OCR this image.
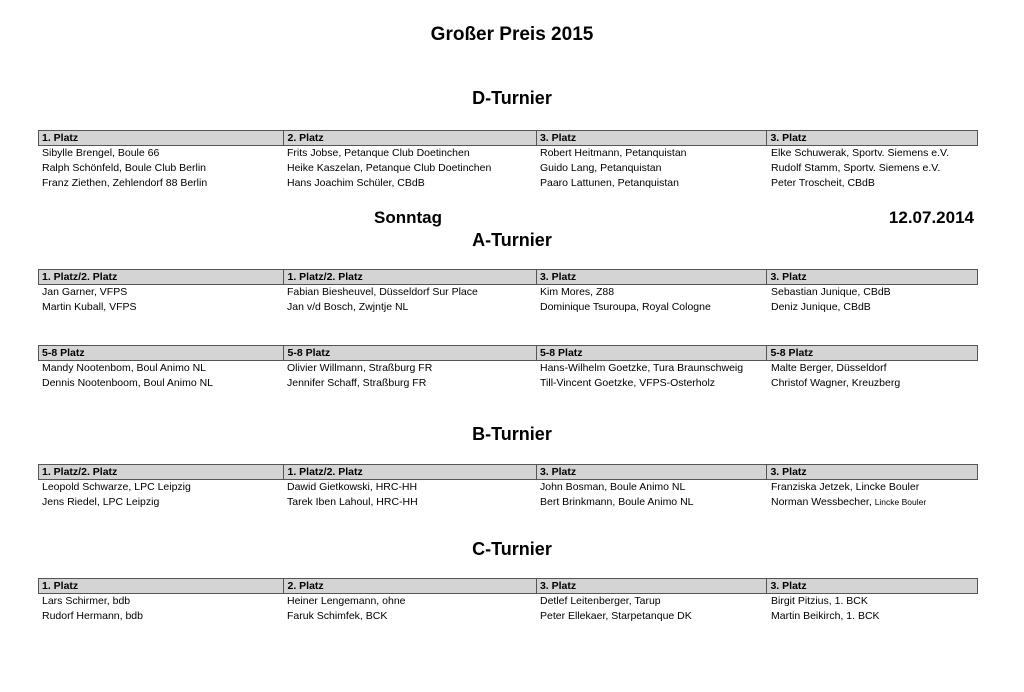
Großer Preis 2015
D-Turnier
1. Platz	2. Platz	3. Platz	3. Platz
Sibylle Brengel, Boule 66	Frits Jobse, Petanque Club Doetinchen	Robert Heitmann, Petanquistan	Elke Schuwerak, Sportv. Siemens e.V.
Ralph Schönfeld, Boule Club Berlin	Heike Kaszelan, Petanque Club Doetinchen	Guido Lang, Petanquistan	Rudolf Stamm, Sportv. Siemens e.V.
Franz Ziethen, Zehlendorf 88 Berlin	Hans Joachim Schüler, CBdB	Paaro Lattunen, Petanquistan	Peter Troscheit, CBdB
Sonntag	12.07.2014
A-Turnier
1. Platz/2. Platz	1. Platz/2. Platz	3. Platz	3. Platz
Jan Garner, VFPS	Fabian Biesheuvel, Düsseldorf Sur Place	Kim Mores, Z88	Sebastian Junique, CBdB
Martin Kuball, VFPS	Jan v/d Bosch, Zwjntje NL	Dominique Tsuroupa, Royal Cologne	Deniz Junique, CBdB
5-8 Platz	5-8 Platz	5-8 Platz	5-8 Platz
Mandy Nootenbom, Boul Animo NL	Olivier Willmann, Straßburg FR	Hans-Wilhelm Goetzke, Tura Braunschweig	Malte Berger, Düsseldorf
Dennis Nootenboom, Boul Animo NL	Jennifer Schaff, Straßburg FR	Till-Vincent Goetzke, VFPS-Osterholz	Christof Wagner, Kreuzberg
B-Turnier
1. Platz/2. Platz	1. Platz/2. Platz	3. Platz	3. Platz
Leopold Schwarze, LPC Leipzig	Dawid Gietkowski, HRC-HH	John Bosman, Boule Animo NL	Franziska Jetzek, Lincke Bouler
Jens Riedel, LPC Leipzig	Tarek Iben Lahoul, HRC-HH	Bert Brinkmann, Boule Animo NL	Norman Wessbecher, Lincke Bouler
C-Turnier
1. Platz	2. Platz	3. Platz	3. Platz
Lars Schirmer, bdb	Heiner Lengemann, ohne	Detlef Leitenberger, Tarup	Birgit Pitzius, 1. BCK
Rudorf Hermann, bdb	Faruk Schimfek, BCK	Peter Ellekaer, Starpetanque DK	Martin Beikirch, 1. BCK
